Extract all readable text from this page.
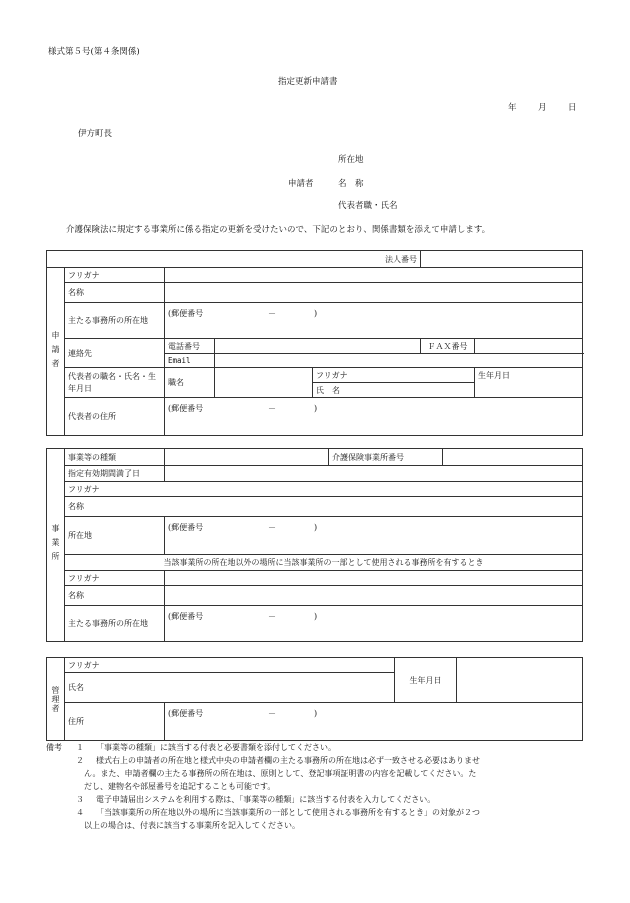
様式第５号(第４条関係)
指定更新申請書
年	月	日
伊方町長
所在地
申請者	名　称
代表者職・氏名
介護保険法に規定する事業所に係る指定の更新を受けたいので、下記のとおり、関係書類を添えて申請します。
					法人番号		

申請者	フリガナ						
	名称						
	主たる事務所の所在地	(郵便番号 － )					
	連絡先	電話番号				ＦＡＸ番号	
		Email					
	代表者の職名・氏名・生年月日	職名		フリガナ			生年月日
				氏　名			
	代表者の住所	(郵便番号 － )					
事業所	事業等の種類		介護保険事業所番号	

	指定有効期間満了日			
	フリガナ			
	名称			
	所在地	(郵便番号 － )		
	当該事業所の所在地以外の場所に当該事業所の一部として使用される事務所を有するとき			
	フリガナ			
	名称			
	主たる事務所の所在地	(郵便番号 － )		
管理者	フリガナ		生年月日	
	氏名			
	住所	(郵便番号 － )		
備考 １ 「事業等の種類」に該当する付表と必要書類を添付してください。
２ 様式右上の申請者の所在地と様式中央の申請者欄の主たる事務所の所在地は必ず一致させる必要はありませ
ん。また、申請者欄の主たる事務所の所在地は、原則として、登記事項証明書の内容を記載してください。た
だし、建物名や部屋番号を追記することも可能です。
３ 電子申請届出システムを利用する際は、「事業等の種類」に該当する付表を入力してください。
４ 「当該事業所の所在地以外の場所に当該事業所の一部として使用される事務所を有するとき」の対象が２つ
以上の場合は、付表に該当する事業所を記入してください。
